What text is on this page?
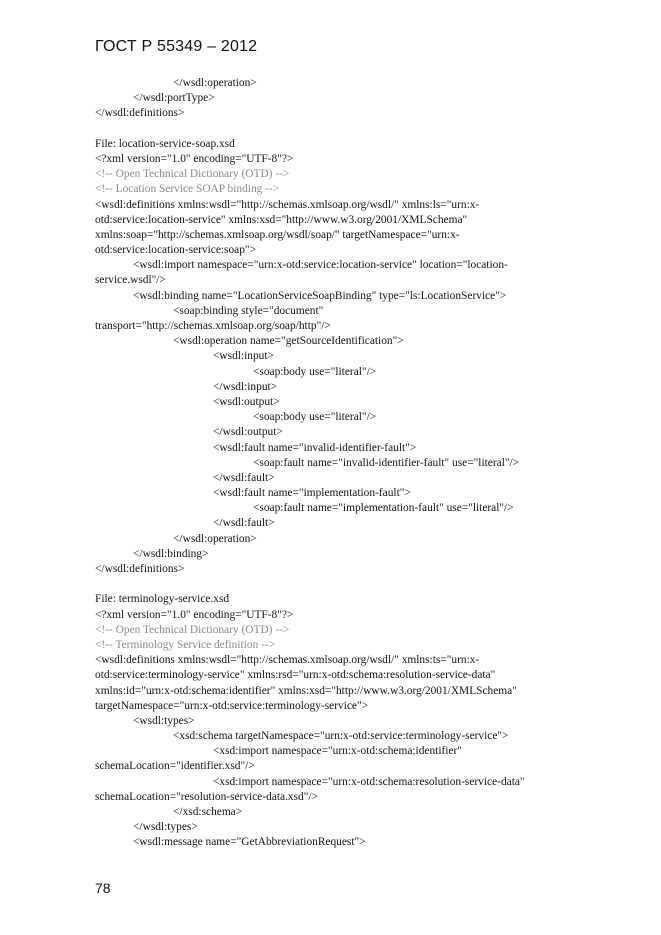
ГОСТ Р 55349 – 2012
</wsdl:operation>
</wsdl:portType>
</wsdl:definitions>
File: location-service-soap.xsd
<?xml version="1.0" encoding="UTF-8"?>
<!-- Open Technical Dictionary (OTD) -->
<!-- Location Service SOAP binding -->
<wsdl:definitions xmlns:wsdl="http://schemas.xmlsoap.org/wsdl/" xmlns:ls="urn:x-
otd:service:location-service" xmlns:xsd="http://www.w3.org/2001/XMLSchema"
xmlns:soap="http://schemas.xmlsoap.org/wsdl/soap/" targetNamespace="urn:x-
otd:service:location-service:soap">
<wsdl:import namespace="urn:x-otd:service:location-service" location="location-
service.wsdl"/>
<wsdl:binding name="LocationServiceSoapBinding" type="ls:LocationService">
<soap:binding style="document"
transport="http://schemas.xmlsoap.org/soap/http"/>
<wsdl:operation name="getSourceIdentification">
<wsdl:input>
<soap:body use="literal"/>
</wsdl:input>
<wsdl:output>
<soap:body use="literal"/>
</wsdl:output>
<wsdl:fault name="invalid-identifier-fault">
<soap:fault name="invalid-identifier-fault" use="literal"/>
</wsdl:fault>
<wsdl:fault name="implementation-fault">
<soap:fault name="implementation-fault" use="literal"/>
</wsdl:fault>
</wsdl:operation>
</wsdl:binding>
</wsdl:definitions>
File: terminology-service.xsd
<?xml version="1.0" encoding="UTF-8"?>
<!-- Open Technical Dictionary (OTD) -->
<!-- Terminology Service definition -->
<wsdl:definitions xmlns:wsdl="http://schemas.xmlsoap.org/wsdl/" xmlns:ts="urn:x-
otd:service:terminology-service" xmlns:rsd="urn:x-otd:schema:resolution-service-data"
xmlns:id="urn:x-otd:schema:identifier" xmlns:xsd="http://www.w3.org/2001/XMLSchema"
targetNamespace="urn:x-otd:service:terminology-service">
<wsdl:types>
<xsd:schema targetNamespace="urn:x-otd:service:terminology-service">
<xsd:import namespace="urn:x-otd:schema:identifier"
schemaLocation="identifier.xsd"/>
<xsd:import namespace="urn:x-otd:schema:resolution-service-data"
schemaLocation="resolution-service-data.xsd"/>
</xsd:schema>
</wsdl:types>
<wsdl:message name="GetAbbreviationRequest">
78
